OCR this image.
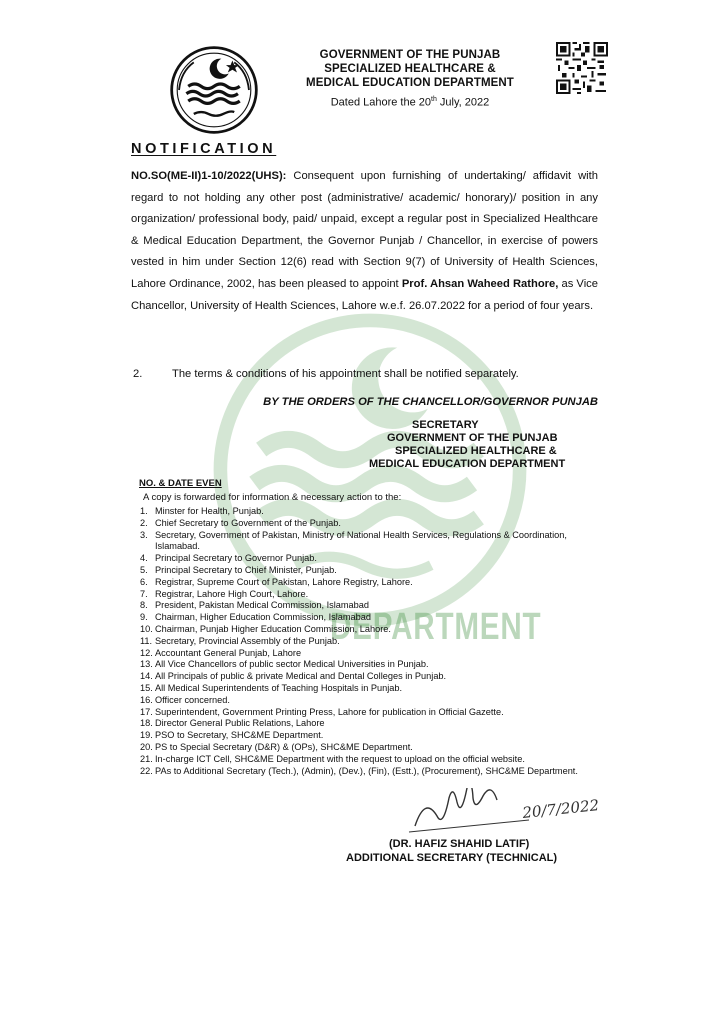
GOVERNMENT OF THE PUNJAB
SPECIALIZED HEALTHCARE &
MEDICAL EDUCATION DEPARTMENT
Dated Lahore the 20th July, 2022
DEPARTMENT
NOTIFICATION
NO.SO(ME-II)1-10/2022(UHS): Consequent upon furnishing of undertaking/ affidavit with regard to not holding any other post (administrative/ academic/ honorary)/ position in any organization/ professional body, paid/ unpaid, except a regular post in Specialized Healthcare & Medical Education Department, the Governor Punjab / Chancellor, in exercise of powers vested in him under Section 12(6) read with Section 9(7) of University of Health Sciences, Lahore Ordinance, 2002, has been pleased to appoint Prof. Ahsan Waheed Rathore, as Vice Chancellor, University of Health Sciences, Lahore w.e.f. 26.07.2022 for a period of four years.
2.	The terms & conditions of his appointment shall be notified separately.
BY THE ORDERS OF THE CHANCELLOR/GOVERNOR PUNJAB
SECRETARY
GOVERNMENT OF THE PUNJAB
SPECIALIZED HEALTHCARE &
MEDICAL EDUCATION DEPARTMENT
NO. & DATE EVEN
A copy is forwarded for information & necessary action to the:
1. Minster for Health, Punjab.
2. Chief Secretary to Government of the Punjab.
3. Secretary, Government of Pakistan, Ministry of National Health Services, Regulations & Coordination, Islamabad.
4. Principal Secretary to Governor Punjab.
5. Principal Secretary to Chief Minister, Punjab.
6. Registrar, Supreme Court of Pakistan, Lahore Registry, Lahore.
7. Registrar, Lahore High Court, Lahore.
8. President, Pakistan Medical Commission, Islamabad
9. Chairman, Higher Education Commission, Islamabad
10. Chairman, Punjab Higher Education Commission, Lahore.
11. Secretary, Provincial Assembly of the Punjab.
12. Accountant General Punjab, Lahore
13. All Vice Chancellors of public sector Medical Universities in Punjab.
14. All Principals of public & private Medical and Dental Colleges in Punjab.
15. All Medical Superintendents of Teaching Hospitals in Punjab.
16. Officer concerned.
17. Superintendent, Government Printing Press, Lahore for publication in Official Gazette.
18. Director General Public Relations, Lahore
19. PSO to Secretary, SHC&ME Department.
20. PS to Special Secretary (D&R) & (OPs), SHC&ME Department.
21. In-charge ICT Cell, SHC&ME Department with the request to upload on the official website.
22. PAs to Additional Secretary (Tech.), (Admin), (Dev.), (Fin), (Estt.), (Procurement), SHC&ME Department.
20/7/2022
(DR. HAFIZ SHAHID LATIF)
ADDITIONAL SECRETARY (TECHNICAL)
